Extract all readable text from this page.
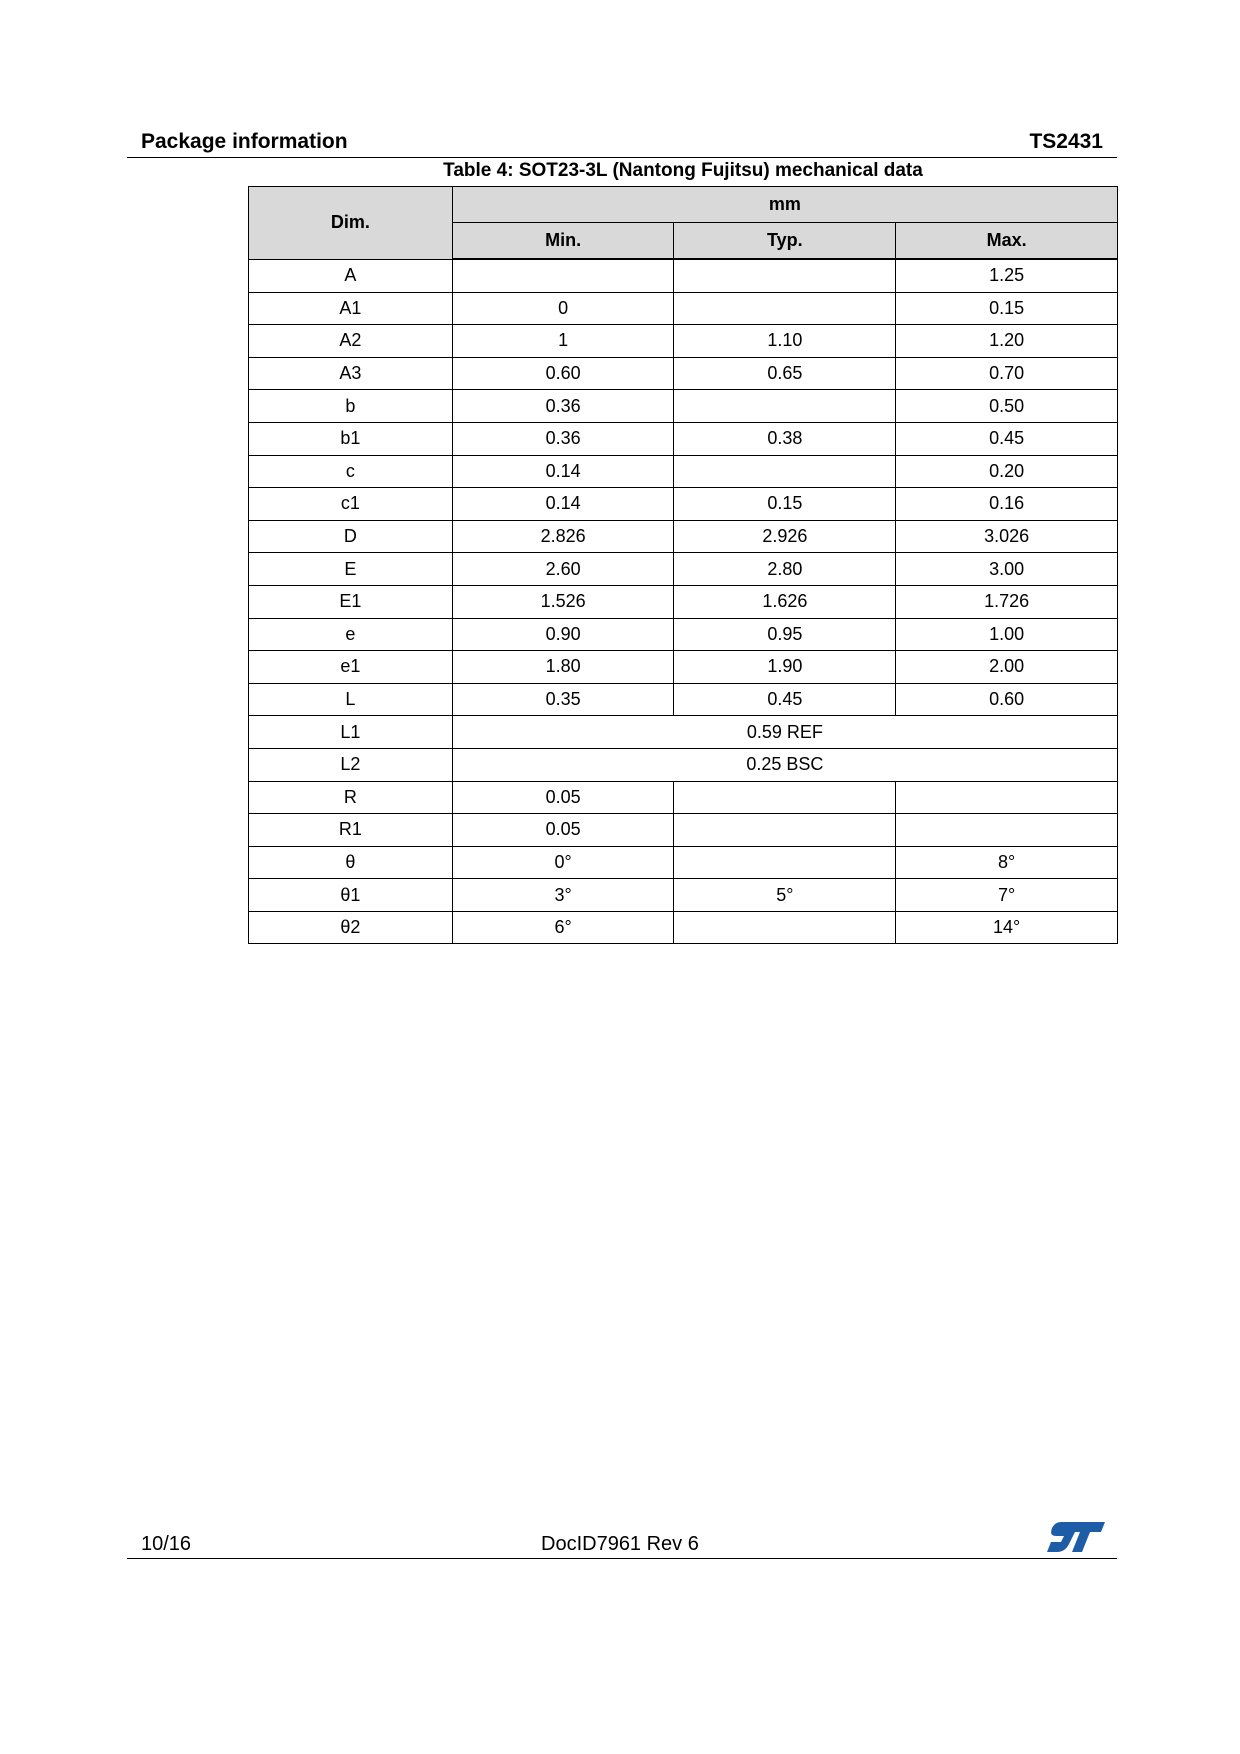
Package information	TS2431
Table 4: SOT23-3L (Nantong Fujitsu) mechanical data
Dim.	mm		
	Min.	Typ.	Max.
A			1.25
A1	0		0.15
A2	1	1.10	1.20
A3	0.60	0.65	0.70
b	0.36		0.50
b1	0.36	0.38	0.45
c	0.14		0.20
c1	0.14	0.15	0.16
D	2.826	2.926	3.026
E	2.60	2.80	3.00
E1	1.526	1.626	1.726
e	0.90	0.95	1.00
e1	1.80	1.90	2.00
L	0.35	0.45	0.60
L1	0.59 REF		
L2	0.25 BSC		
R	0.05		
R1	0.05		
θ	0°		8°
θ1	3°	5°	7°
θ2	6°		14°
10/16	DocID7961 Rev 6
